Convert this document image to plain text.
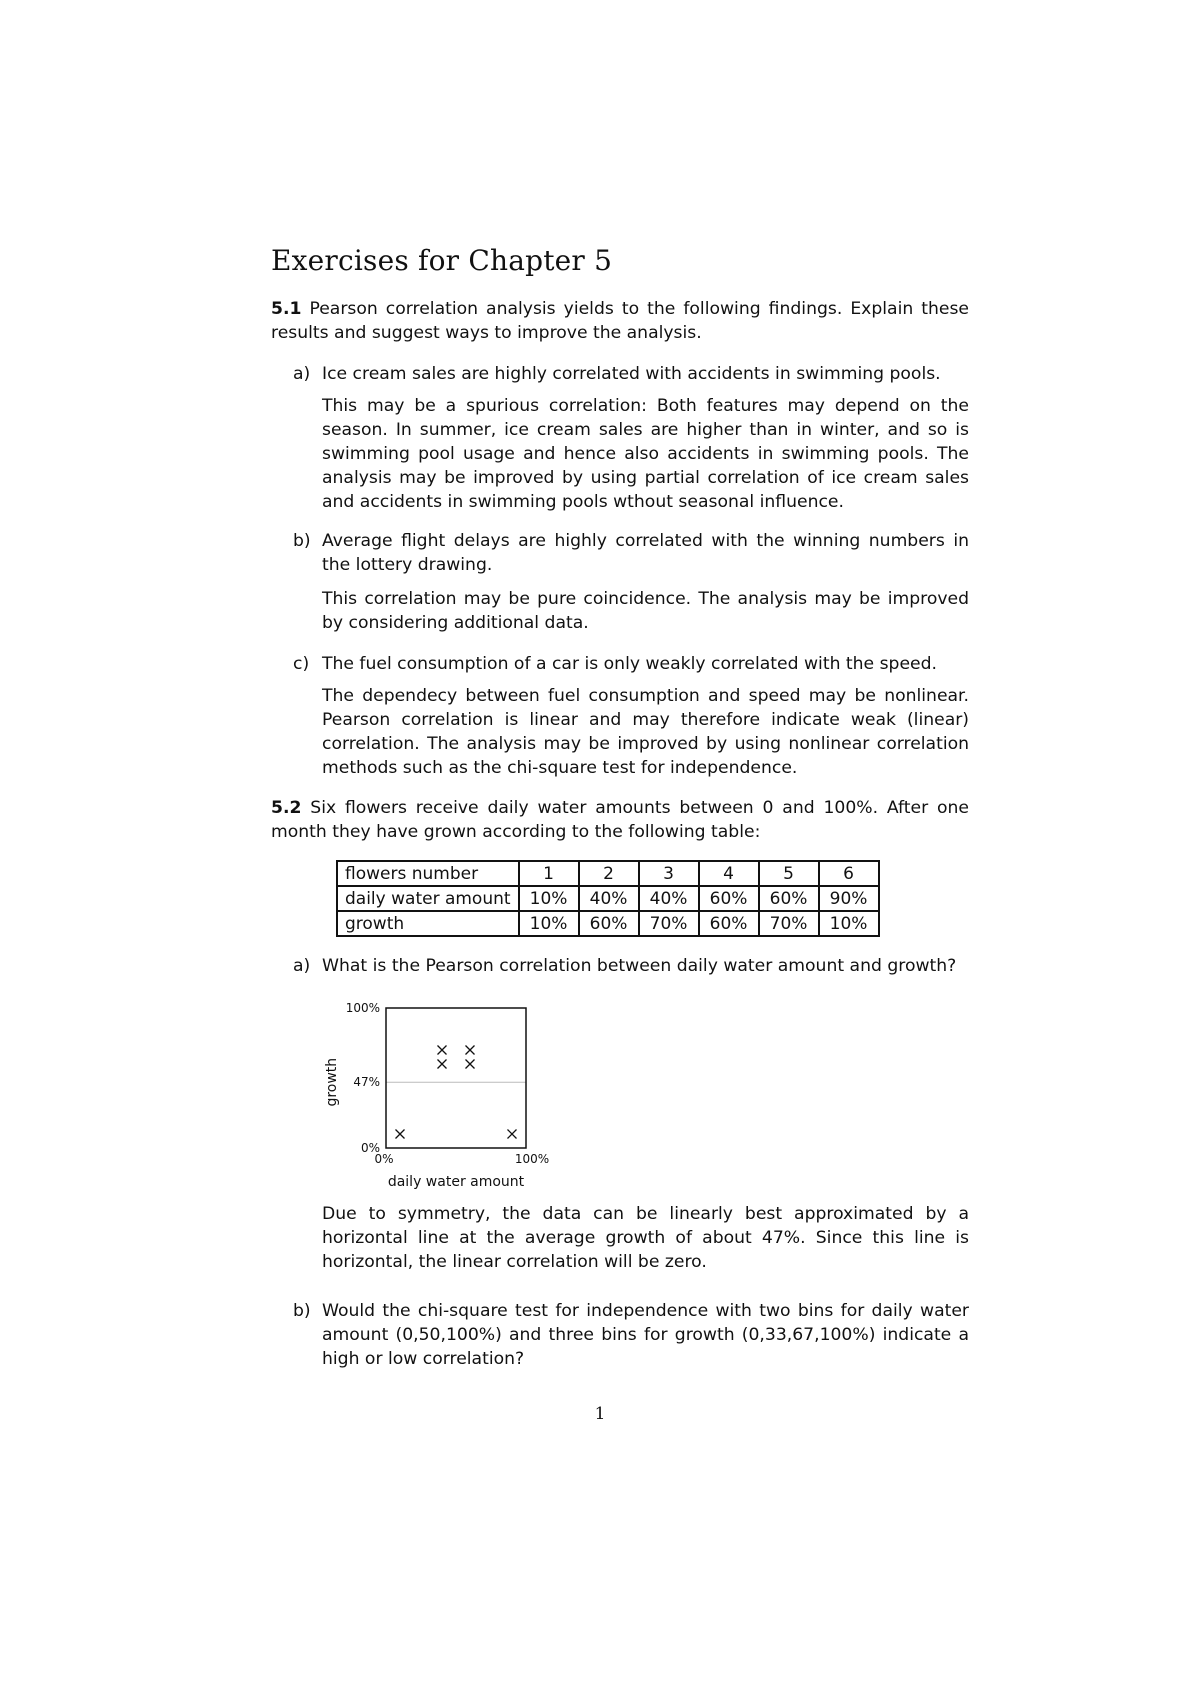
Exercises for Chapter 5
5.1 Pearson correlation analysis yields to the following findings. Explain these results and suggest ways to improve the analysis.
a) Ice cream sales are highly correlated with accidents in swimming pools.
This may be a spurious correlation: Both features may depend on the season. In summer, ice cream sales are higher than in winter, and so is swimming pool usage and hence also accidents in swimming pools. The analysis may be improved by using partial correlation of ice cream sales and accidents in swimming pools wthout seasonal influence.
b) Average flight delays are highly correlated with the winning numbers in the lottery drawing.
This correlation may be pure coincidence. The analysis may be improved by considering additional data.
c) The fuel consumption of a car is only weakly correlated with the speed.
The dependecy between fuel consumption and speed may be nonlinear. Pearson correlation is linear and may therefore indicate weak (linear) correlation. The analysis may be improved by using nonlinear correlation methods such as the chi-square test for independence.
5.2 Six flowers receive daily water amounts between 0 and 100%. After one month they have grown according to the following table:
flowers number	1	2	3	4	5	6
daily water amount	10%	40%	40%	60%	60%	90%
growth	10%	60%	70%	60%	70%	10%
a) What is the Pearson correlation between daily water amount and growth?
0%
47%
100%
0%	100%
daily water amount
growth
Due to symmetry, the data can be linearly best approximated by a horizontal line at the average growth of about 47%. Since this line is horizontal, the linear correlation will be zero.
b) Would the chi-square test for independence with two bins for daily water amount (0,50,100%) and three bins for growth (0,33,67,100%) indicate a high or low correlation?
1
